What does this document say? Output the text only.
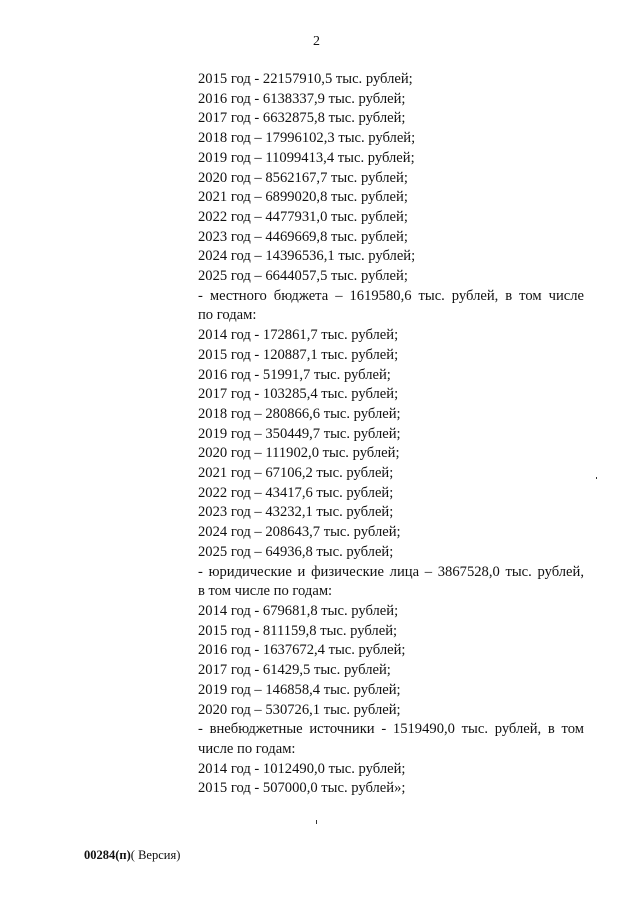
2
2015 год - 22157910,5 тыс. рублей;
2016 год - 6138337,9 тыс. рублей;
2017 год - 6632875,8 тыс. рублей;
2018 год – 17996102,3 тыс. рублей;
2019 год – 11099413,4 тыс. рублей;
2020 год – 8562167,7 тыс. рублей;
2021 год – 6899020,8 тыс. рублей;
2022 год – 4477931,0 тыс. рублей;
2023 год – 4469669,8 тыс. рублей;
2024 год – 14396536,1 тыс. рублей;
2025 год – 6644057,5 тыс. рублей;
- местного бюджета – 1619580,6 тыс. рублей, в том числе
по годам:
2014 год - 172861,7 тыс. рублей;
2015 год - 120887,1 тыс. рублей;
2016 год - 51991,7 тыс. рублей;
2017 год - 103285,4 тыс. рублей;
2018 год – 280866,6 тыс. рублей;
2019 год – 350449,7 тыс. рублей;
2020 год – 111902,0 тыс. рублей;
2021 год – 67106,2 тыс. рублей;
2022 год – 43417,6 тыс. рублей;
2023 год – 43232,1 тыс. рублей;
2024 год – 208643,7 тыс. рублей;
2025 год – 64936,8 тыс. рублей;
- юридические и физические лица – 3867528,0 тыс. рублей,
в том числе по годам:
2014 год - 679681,8 тыс. рублей;
2015 год - 811159,8 тыс. рублей;
2016 год - 1637672,4 тыс. рублей;
2017 год - 61429,5 тыс. рублей;
2019 год – 146858,4 тыс. рублей;
2020 год – 530726,1 тыс. рублей;
- внебюджетные источники - 1519490,0 тыс. рублей, в том
числе по годам:
2014 год - 1012490,0 тыс. рублей;
2015 год - 507000,0 тыс. рублей»;
00284(п)( Версия)
